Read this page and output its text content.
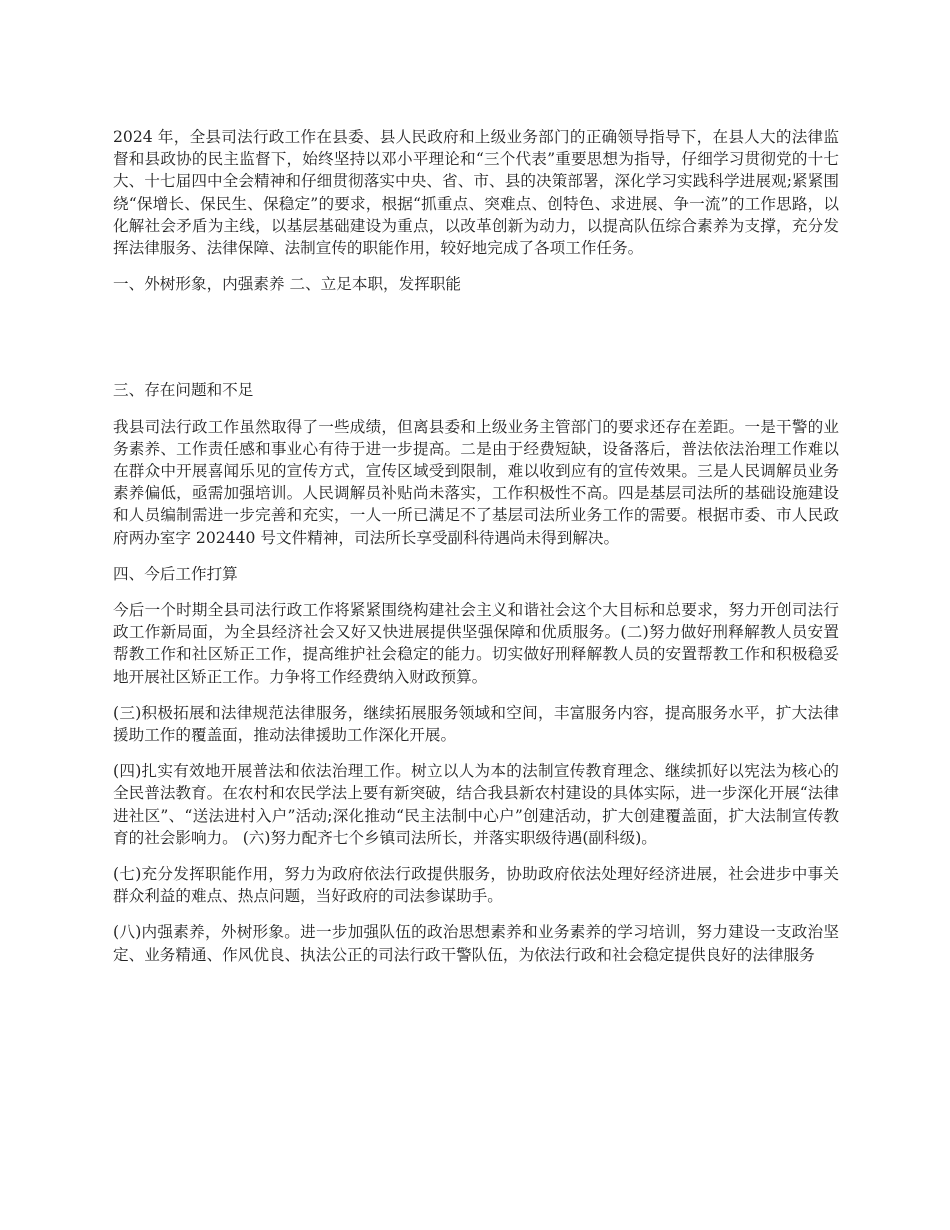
2024 年，全县司法行政工作在县委、县人民政府和上级业务部门的正确领导指导下，在县人大的法律监督和县政协的民主监督下，始终坚持以邓小平理论和“三个代表”重要思想为指导，仔细学习贯彻党的十七大、十七届四中全会精神和仔细贯彻落实中央、省、市、县的决策部署，深化学习实践科学进展观;紧紧围绕“保增长、保民生、保稳定”的要求，根据“抓重点、突难点、创特色、求进展、争一流”的工作思路，以化解社会矛盾为主线，以基层基础建设为重点，以改革创新为动力，以提高队伍综合素养为支撑，充分发挥法律服务、法律保障、法制宣传的职能作用，较好地完成了各项工作任务。

一、外树形象，内强素养 二、立足本职，发挥职能

三、存在问题和不足

我县司法行政工作虽然取得了一些成绩，但离县委和上级业务主管部门的要求还存在差距。一是干警的业务素养、工作责任感和事业心有待于进一步提高。二是由于经费短缺，设备落后，普法依法治理工作难以在群众中开展喜闻乐见的宣传方式，宣传区域受到限制，难以收到应有的宣传效果。三是人民调解员业务素养偏低，亟需加强培训。人民调解员补贴尚未落实，工作积极性不高。四是基层司法所的基础设施建设和人员编制需进一步完善和充实，一人一所已满足不了基层司法所业务工作的需要。根据市委、市人民政府两办室字 202440 号文件精神，司法所长享受副科待遇尚未得到解决。

四、今后工作打算

今后一个时期全县司法行政工作将紧紧围绕构建社会主义和谐社会这个大目标和总要求，努力开创司法行政工作新局面，为全县经济社会又好又快进展提供坚强保障和优质服务。(二)努力做好刑释解教人员安置帮教工作和社区矫正工作，提高维护社会稳定的能力。切实做好刑释解教人员的安置帮教工作和积极稳妥地开展社区矫正工作。力争将工作经费纳入财政预算。

(三)积极拓展和法律规范法律服务，继续拓展服务领域和空间，丰富服务内容，提高服务水平，扩大法律援助工作的覆盖面，推动法律援助工作深化开展。

(四)扎实有效地开展普法和依法治理工作。树立以人为本的法制宣传教育理念、继续抓好以宪法为核心的全民普法教育。在农村和农民学法上要有新突破，结合我县新农村建设的具体实际，进一步深化开展“法律进社区”、“送法进村入户”活动;深化推动“民主法制中心户”创建活动，扩大创建覆盖面，扩大法制宣传教育的社会影响力。 (六)努力配齐七个乡镇司法所长，并落实职级待遇(副科级)。

(七)充分发挥职能作用，努力为政府依法行政提供服务，协助政府依法处理好经济进展，社会进步中事关群众利益的难点、热点问题，当好政府的司法参谋助手。

(八)内强素养，外树形象。进一步加强队伍的政治思想素养和业务素养的学习培训，努力建设一支政治坚定、业务精通、作风优良、执法公正的司法行政干警队伍，为依法行政和社会稳定提供良好的法律服务
